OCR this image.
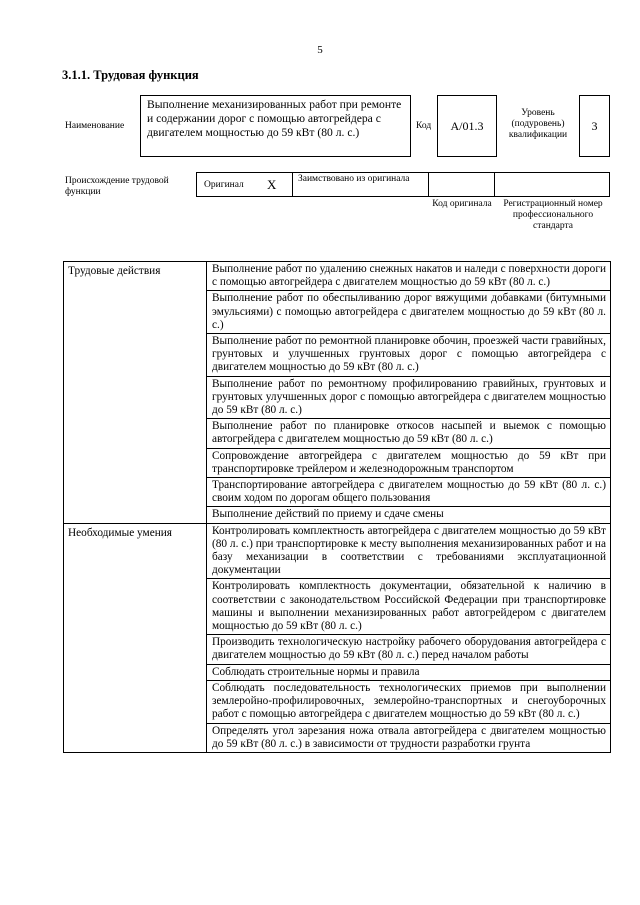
5
3.1.1. Трудовая функция
Наименование
Выполнение механизированных работ при ремонте и содержании дорог с помощью автогрейдера с двигателем мощностью до 59 кВт (80 л. с.)
Код A/01.3
Уровень (подуровень) квалификации
3
Происхождение трудовой функции
Оригинал X Заимствовано из оригинала
Код оригинала	Регистрационный номер профессионального стандарта
Трудовые действия	Выполнение работ по удалению снежных накатов и наледи с поверхности дороги с помощью автогрейдера с двигателем мощностью до 59 кВт (80 л. с.)
	Выполнение работ по обеспыливанию дорог вяжущими добавками (битумными эмульсиями) с помощью автогрейдера с двигателем мощностью до 59 кВт (80 л. с.)
	Выполнение работ по ремонтной планировке обочин, проезжей части гравийных, грунтовых и улучшенных грунтовых дорог с помощью автогрейдера с двигателем мощностью до 59 кВт (80 л. с.)
	Выполнение работ по ремонтному профилированию гравийных, грунтовых и грунтовых улучшенных дорог с помощью автогрейдера с двигателем мощностью до 59 кВт (80 л. с.)
	Выполнение работ по планировке откосов насыпей и выемок с помощью автогрейдера с двигателем мощностью до 59 кВт (80 л. с.)
	Сопровождение автогрейдера с двигателем мощностью до 59 кВт при транспортировке трейлером и железнодорожным транспортом
	Транспортирование автогрейдера с двигателем мощностью до 59 кВт (80 л. с.) своим ходом по дорогам общего пользования
	Выполнение действий по приему и сдаче смены
Необходимые умения	Контролировать комплектность автогрейдера с двигателем мощностью до 59 кВт (80 л. с.) при транспортировке к месту выполнения механизированных работ и на базу механизации в соответствии с требованиями эксплуатационной документации
	Контролировать комплектность документации, обязательной к наличию в соответствии с законодательством Российской Федерации при транспортировке машины и выполнении механизированных работ автогрейдером с двигателем мощностью до 59 кВт (80 л. с.)
	Производить технологическую настройку рабочего оборудования автогрейдера с двигателем мощностью до 59 кВт (80 л. с.) перед началом работы
	Соблюдать строительные нормы и правила
	Соблюдать последовательность технологических приемов при выполнении землеройно-профилировочных, землеройно-транспортных и снегоуборочных работ с помощью автогрейдера с двигателем мощностью до 59 кВт (80 л. с.)
	Определять угол зарезания ножа отвала автогрейдера с двигателем мощностью до 59 кВт (80 л. с.) в зависимости от трудности разработки грунта
